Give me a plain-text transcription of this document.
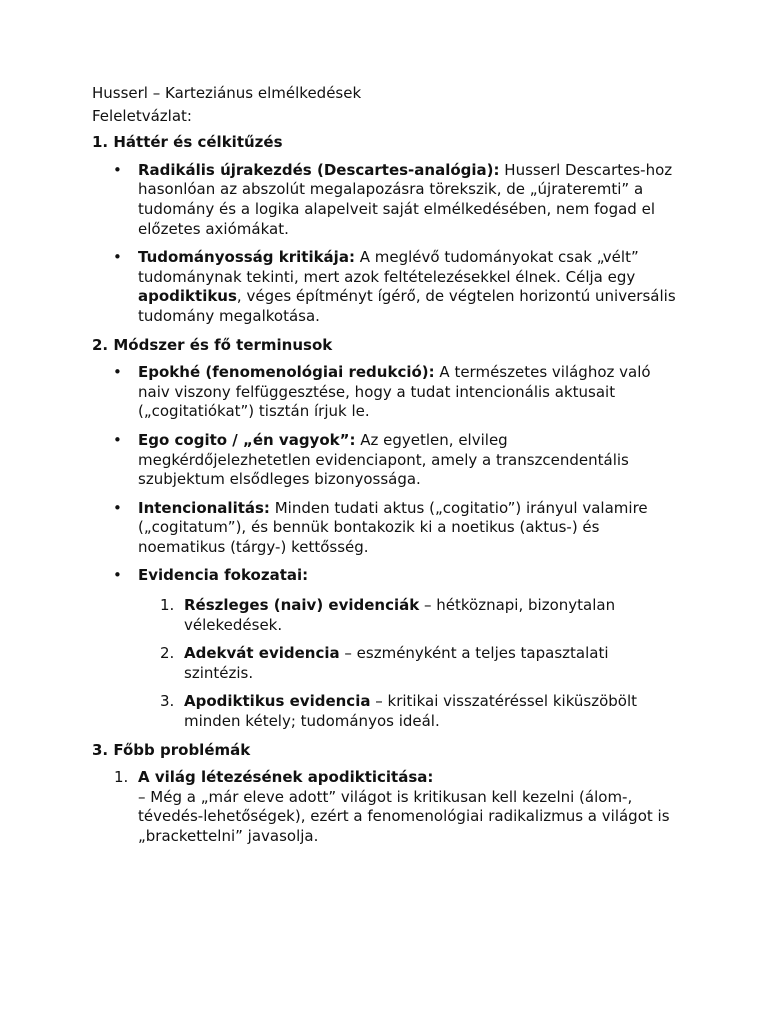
Husserl – Karteziánus elmélkedések

Feleletvázlat:

1. Háttér és célkitűzés

• Radikális újrakezdés (Descartes-analógia): Husserl Descartes-hoz hasonlóan az abszolút megalapozásra törekszik, de „újrateremti” a tudomány és a logika alapelveit saját elmélkedésében, nem fogad el előzetes axiómákat.
• Tudományosság kritikája: A meglévő tudományokat csak „vélt” tudománynak tekinti, mert azok feltételezésekkel élnek. Célja egy apodiktikus, véges építményt ígérő, de végtelen horizontú universális tudomány megalkotása.

2. Módszer és fő terminusok

• Epokhé (fenomenológiai redukció): A természetes világhoz való naiv viszony felfüggesztése, hogy a tudat intencionális aktusait („cogitatiókat”) tisztán írjuk le.
• Ego cogito / „én vagyok”: Az egyetlen, elvileg megkérdőjelezhetetlen evidenciapont, amely a transzcendentális szubjektum elsődleges bizonyossága.
• Intencionalitás: Minden tudati aktus („cogitatio”) irányul valamire („cogitatum”), és bennük bontakozik ki a noetikus (aktus-) és noematikus (tárgy-) kettősség.
• Evidencia fokozatai:
1. Részleges (naiv) evidenciák – hétköznapi, bizonytalan vélekedések.
2. Adekvát evidencia – eszményként a teljes tapasztalati szintézis.
3. Apodiktikus evidencia – kritikai visszatéréssel kiküszöbölt minden kétely; tudományos ideál.

3. Főbb problémák

1. A világ létezésének apodikticitása:
– Még a „már eleve adott” világot is kritikusan kell kezelni (álom-, tévedés-lehetőségek), ezért a fenomenológiai radikalizmus a világot is „brackettelni” javasolja.
